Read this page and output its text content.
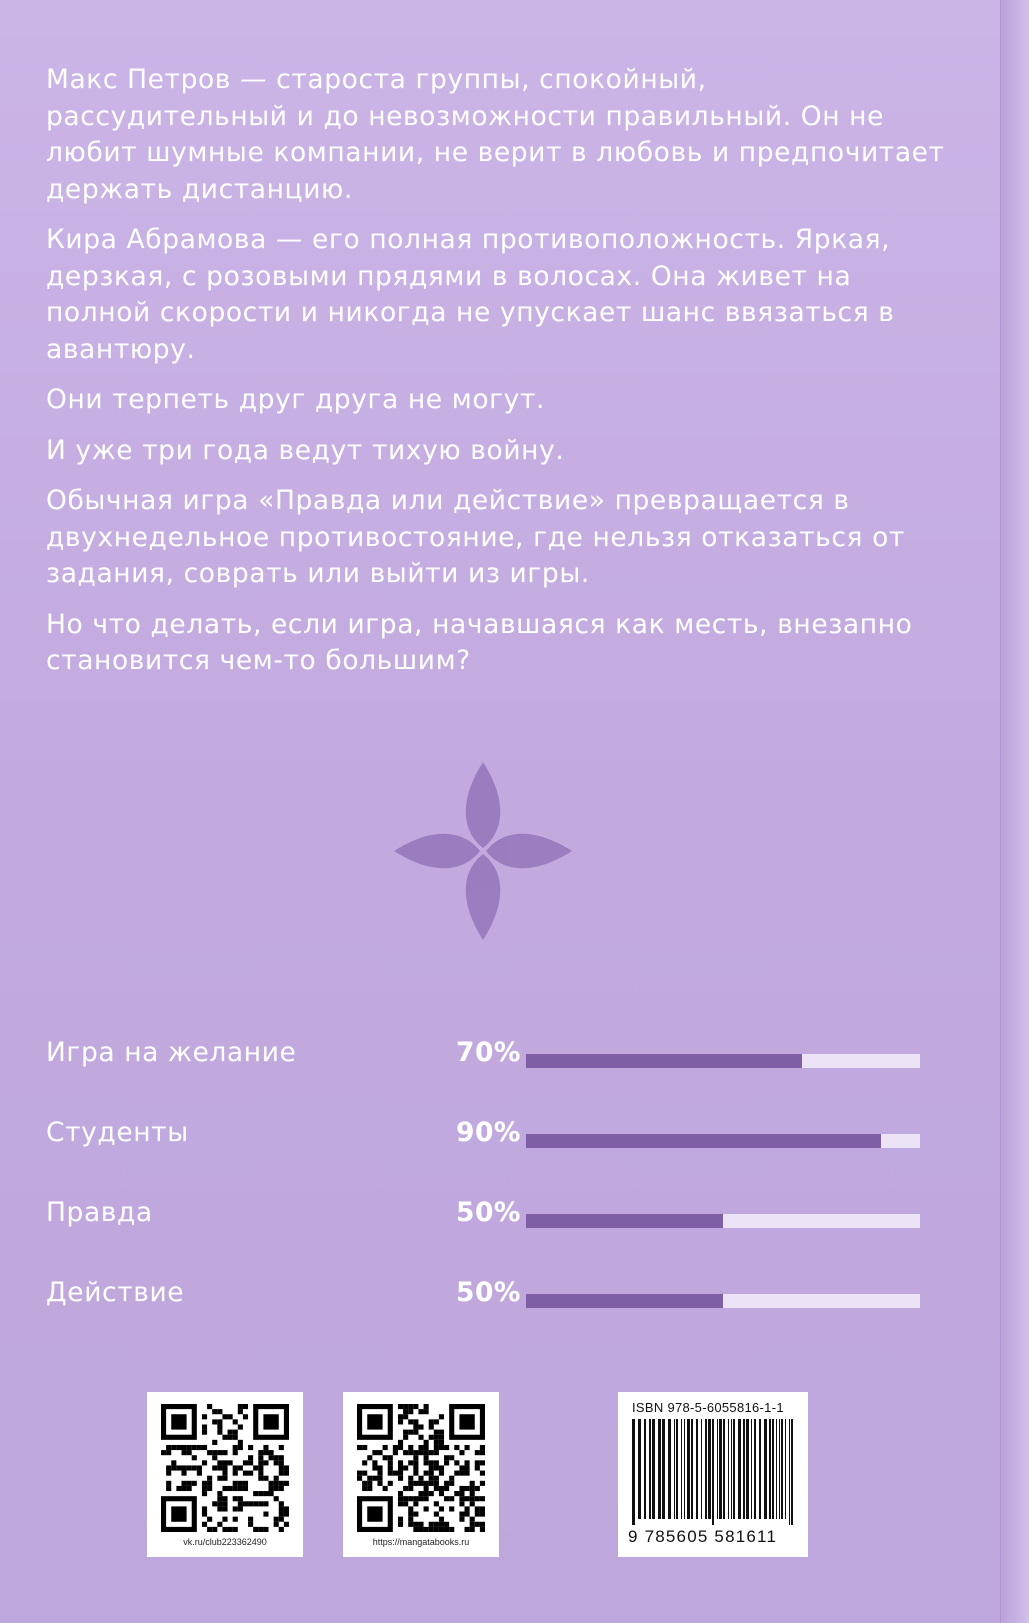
Макс Петров — староста группы, спокойный, рассудительный и до невозможности правильный. Он не любит шумные компании, не верит в любовь и предпочитает держать дистанцию.

Кира Абрамова — его полная противоположность. Яркая, дерзкая, с розовыми прядями в волосах. Она живет на полной скорости и никогда не упускает шанс ввязаться в авантюру.

Они терпеть друг друга не могут.

И уже три года ведут тихую войну.

Обычная игра «Правда или действие» превращается в двухнедельное противостояние, где нельзя отказаться от задания, соврать или выйти из игры.

Но что делать, если игра, начавшаяся как месть, внезапно становится чем-то большим?

Игра на желание	70%
Студенты	90%
Правда	50%
Действие	50%
vk.ru/club223362490	https://mangatabooks.ru
ISBN 978-5-6055816-1-1
9 785605 581611
